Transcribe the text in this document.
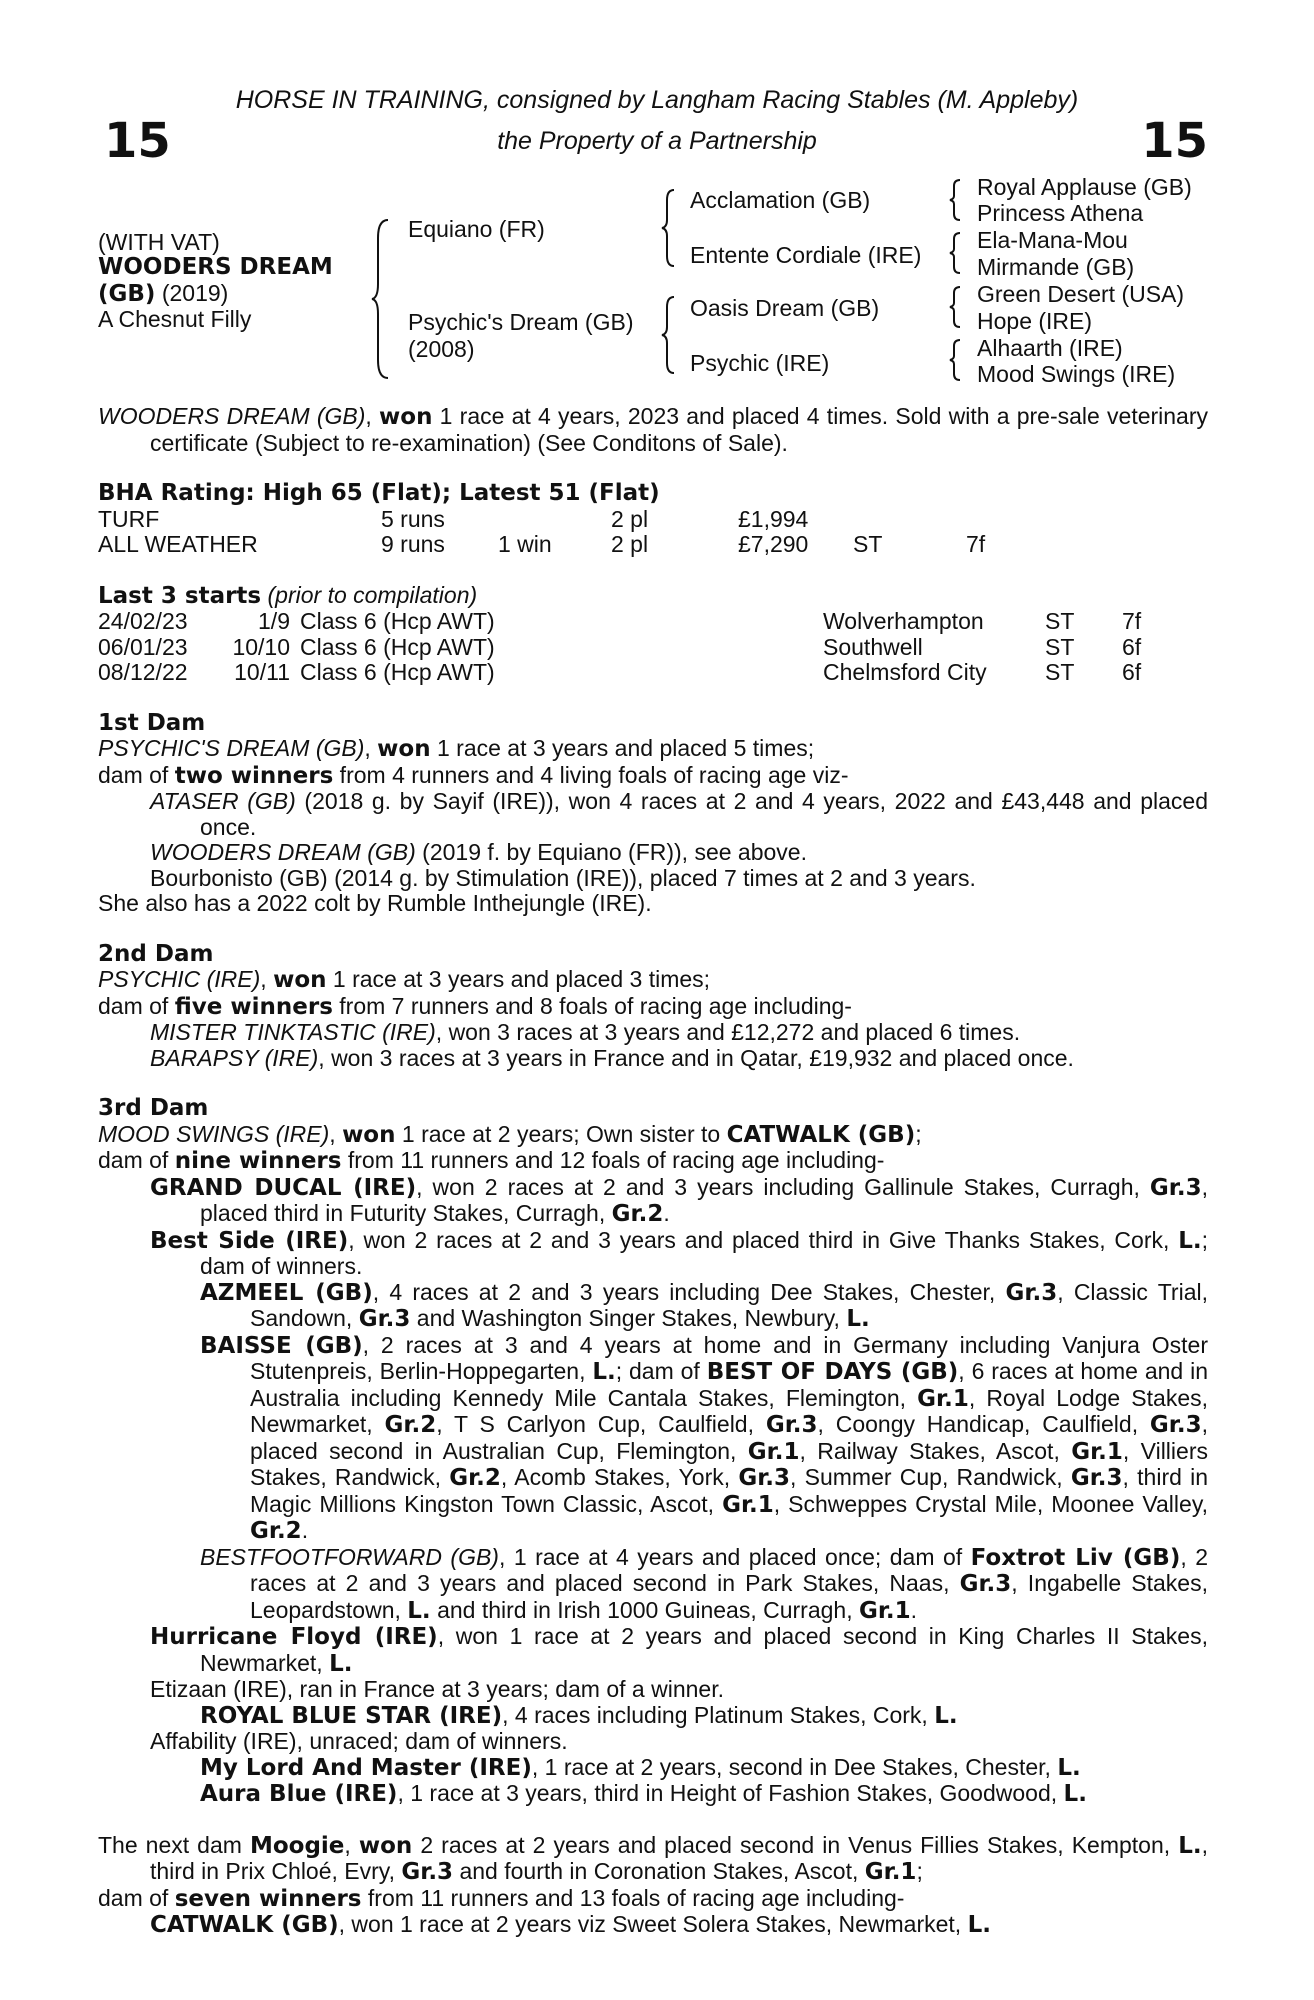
15	15
HORSE IN TRAINING, consigned by Langham Racing Stables (M. Appleby)
the Property of a Partnership
(WITH VAT)
WOODERS DREAM
(GB) (2019)
A Chesnut Filly
Equiano (FR)
Psychic's Dream (GB)
(2008)
Acclamation (GB)
Entente Cordiale (IRE)
Oasis Dream (GB)
Psychic (IRE)
Royal Applause (GB)
Princess Athena
Ela-Mana-Mou
Mirmande (GB)
Green Desert (USA)
Hope (IRE)
Alhaarth (IRE)
Mood Swings (IRE)
WOODERS DREAM (GB), won 1 race at 4 years, 2023 and placed 4 times. Sold with a pre-sale veterinary certificate (Subject to re-examination) (See Conditons of Sale).
BHA Rating: High 65 (Flat); Latest 51 (Flat)
TURF	5 runs		2 pl	£1,994		
ALL WEATHER	9 runs	1 win	2 pl	£7,290	ST	7f
Last 3 starts (prior to compilation)
24/02/23	1/9	Class 6 (Hcp AWT)	Wolverhampton	ST	7f
06/01/23	10/10	Class 6 (Hcp AWT)	Southwell	ST	6f
08/12/22	10/11	Class 6 (Hcp AWT)	Chelmsford City	ST	6f
1st Dam
PSYCHIC'S DREAM (GB), won 1 race at 3 years and placed 5 times;
dam of two winners from 4 runners and 4 living foals of racing age viz-
ATASER (GB) (2018 g. by Sayif (IRE)), won 4 races at 2 and 4 years, 2022 and £43,448 and placed once.
WOODERS DREAM (GB) (2019 f. by Equiano (FR)), see above.
Bourbonisto (GB) (2014 g. by Stimulation (IRE)), placed 7 times at 2 and 3 years.
She also has a 2022 colt by Rumble Inthejungle (IRE).
2nd Dam
PSYCHIC (IRE), won 1 race at 3 years and placed 3 times;
dam of five winners from 7 runners and 8 foals of racing age including-
MISTER TINKTASTIC (IRE), won 3 races at 3 years and £12,272 and placed 6 times.
BARAPSY (IRE), won 3 races at 3 years in France and in Qatar, £19,932 and placed once.
3rd Dam
MOOD SWINGS (IRE), won 1 race at 2 years; Own sister to CATWALK (GB);
dam of nine winners from 11 runners and 12 foals of racing age including-
GRAND DUCAL (IRE), won 2 races at 2 and 3 years including Gallinule Stakes, Curragh, Gr.3, placed third in Futurity Stakes, Curragh, Gr.2.
Best Side (IRE), won 2 races at 2 and 3 years and placed third in Give Thanks Stakes, Cork, L.; dam of winners.
AZMEEL (GB), 4 races at 2 and 3 years including Dee Stakes, Chester, Gr.3, Classic Trial, Sandown, Gr.3 and Washington Singer Stakes, Newbury, L.
BAISSE (GB), 2 races at 3 and 4 years at home and in Germany including Vanjura Oster Stutenpreis, Berlin-Hoppegarten, L.; dam of BEST OF DAYS (GB), 6 races at home and in Australia including Kennedy Mile Cantala Stakes, Flemington, Gr.1, Royal Lodge Stakes, Newmarket, Gr.2, T S Carlyon Cup, Caulfield, Gr.3, Coongy Handicap, Caulfield, Gr.3, placed second in Australian Cup, Flemington, Gr.1, Railway Stakes, Ascot, Gr.1, Villiers Stakes, Randwick, Gr.2, Acomb Stakes, York, Gr.3, Summer Cup, Randwick, Gr.3, third in Magic Millions Kingston Town Classic, Ascot, Gr.1, Schweppes Crystal Mile, Moonee Valley, Gr.2.
BESTFOOTFORWARD (GB), 1 race at 4 years and placed once; dam of Foxtrot Liv (GB), 2 races at 2 and 3 years and placed second in Park Stakes, Naas, Gr.3, Ingabelle Stakes, Leopardstown, L. and third in Irish 1000 Guineas, Curragh, Gr.1.
Hurricane Floyd (IRE), won 1 race at 2 years and placed second in King Charles II Stakes, Newmarket, L.
Etizaan (IRE), ran in France at 3 years; dam of a winner.
ROYAL BLUE STAR (IRE), 4 races including Platinum Stakes, Cork, L.
Affability (IRE), unraced; dam of winners.
My Lord And Master (IRE), 1 race at 2 years, second in Dee Stakes, Chester, L.
Aura Blue (IRE), 1 race at 3 years, third in Height of Fashion Stakes, Goodwood, L.
The next dam Moogie, won 2 races at 2 years and placed second in Venus Fillies Stakes, Kempton, L., third in Prix Chloé, Evry, Gr.3 and fourth in Coronation Stakes, Ascot, Gr.1;
dam of seven winners from 11 runners and 13 foals of racing age including-
CATWALK (GB), won 1 race at 2 years viz Sweet Solera Stakes, Newmarket, L.
